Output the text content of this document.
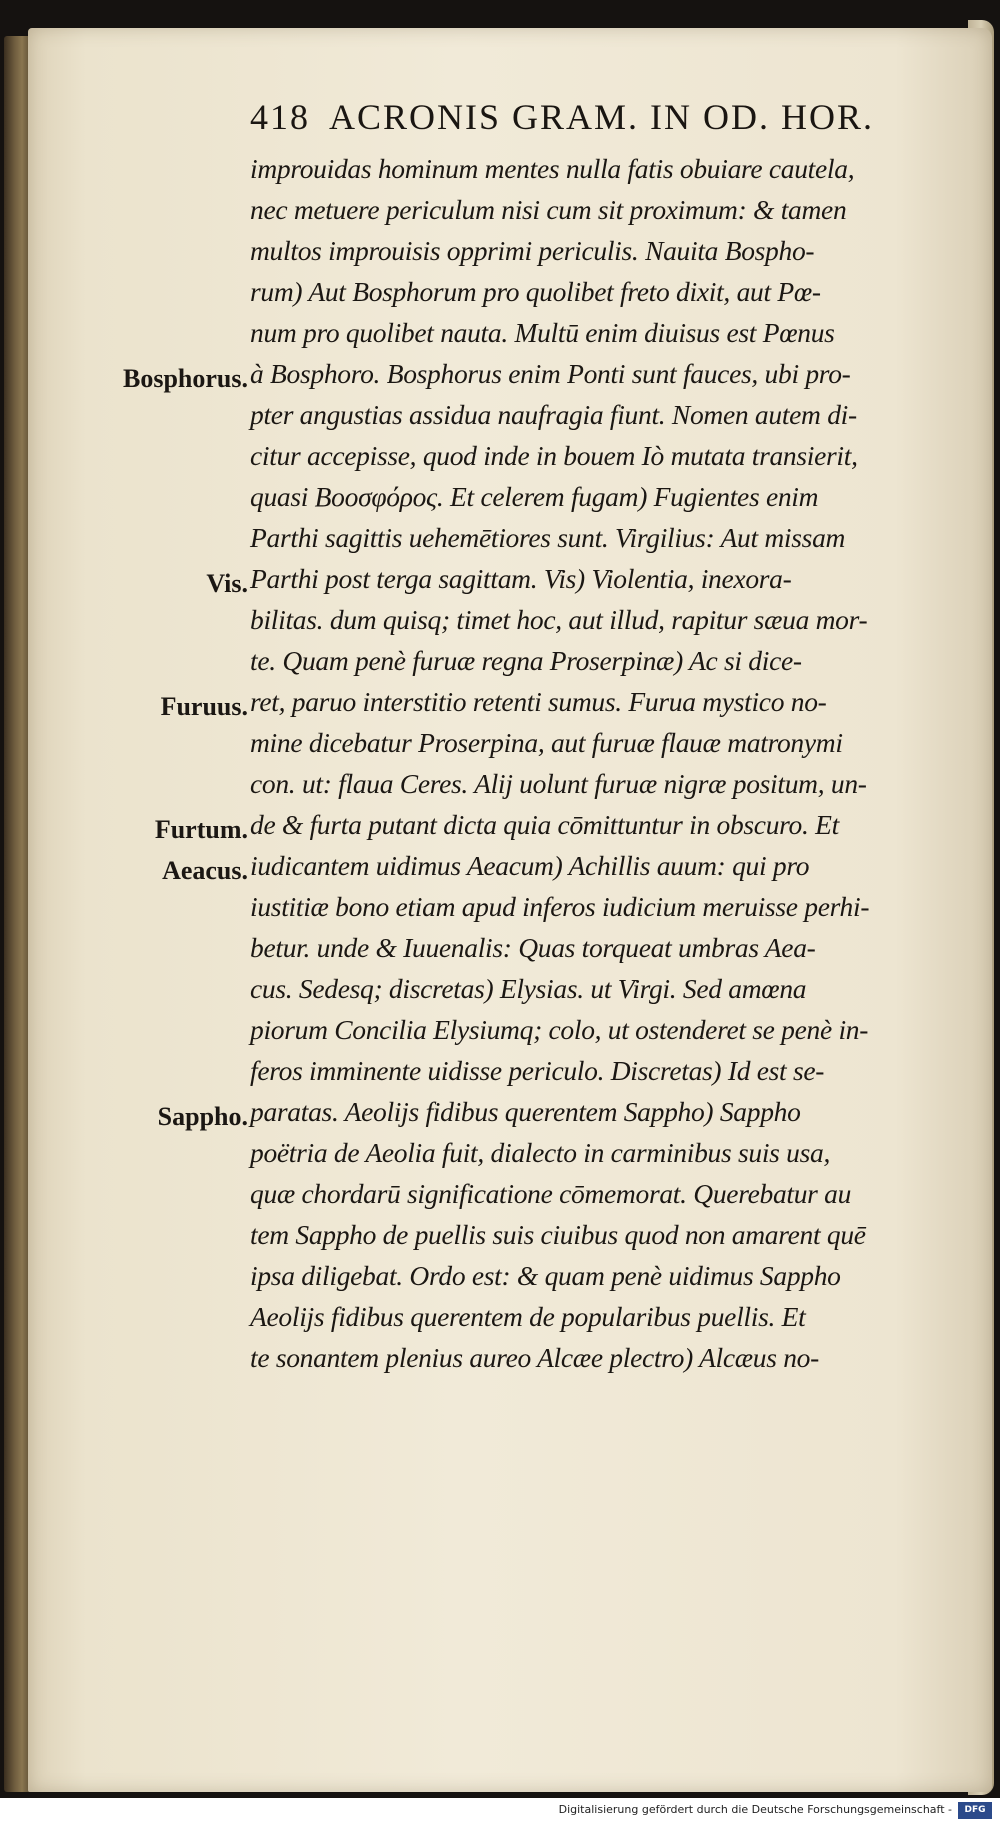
418 ACRONIS GRAM. IN OD. HOR.
improuidas hominum mentes nulla fatis obuiare cautela,
nec metuere periculum nisi cum sit proximum: & tamen
multos improuisis opprimi periculis. Nauita Bospho-
rum) Aut Bosphorum pro quolibet freto dixit, aut Pœ-
num pro quolibet nauta. Multū enim diuisus est Pœnus
à Bosphoro. Bosphorus enim Ponti sunt fauces, ubi pro-
pter angustias assidua naufragia fiunt. Nomen autem di-
citur accepisse, quod inde in bouem Iò mutata transierit,
quasi Βοοσφόρος. Et celerem fugam) Fugientes enim
Parthi sagittis uehemētiores sunt. Virgilius: Aut missam
Parthi post terga sagittam. Vis) Violentia, inexora-
bilitas. dum quisq; timet hoc, aut illud, rapitur sæua mor-
te. Quam penè furuæ regna Proserpinæ) Ac si dice-
ret, paruo interstitio retenti sumus. Furua mystico no-
mine dicebatur Proserpina, aut furuæ flauæ matronymi
con. ut: flaua Ceres. Alij uolunt furuæ nigræ positum, un-
de & furta putant dicta quia cōmittuntur in obscuro. Et
iudicantem uidimus Aeacum) Achillis auum: qui pro
iustitiæ bono etiam apud inferos iudicium meruisse perhi-
betur. unde & Iuuenalis: Quas torqueat umbras Aea-
cus. Sedesq; discretas) Elysias. ut Virgi. Sed amœna
piorum Concilia Elysiumq; colo, ut ostenderet se penè in-
feros imminente uidisse periculo. Discretas) Id est se-
paratas. Aeolijs fidibus querentem Sappho) Sappho
poëtria de Aeolia fuit, dialecto in carminibus suis usa,
quæ chordarū significatione cōmemorat. Querebatur au
tem Sappho de puellis suis ciuibus quod non amarent quē
ipsa diligebat. Ordo est: & quam penè uidimus Sappho
Aeolijs fidibus querentem de popularibus puellis. Et
te sonantem plenius aureo Alcæe plectro) Alcæus no-
Bosphorus.
Vis.
Furuus.
Furtum.
Aeacus.
Sappho.
Digitalisierung gefördert durch die Deutsche Forschungsgemeinschaft -	DFG
